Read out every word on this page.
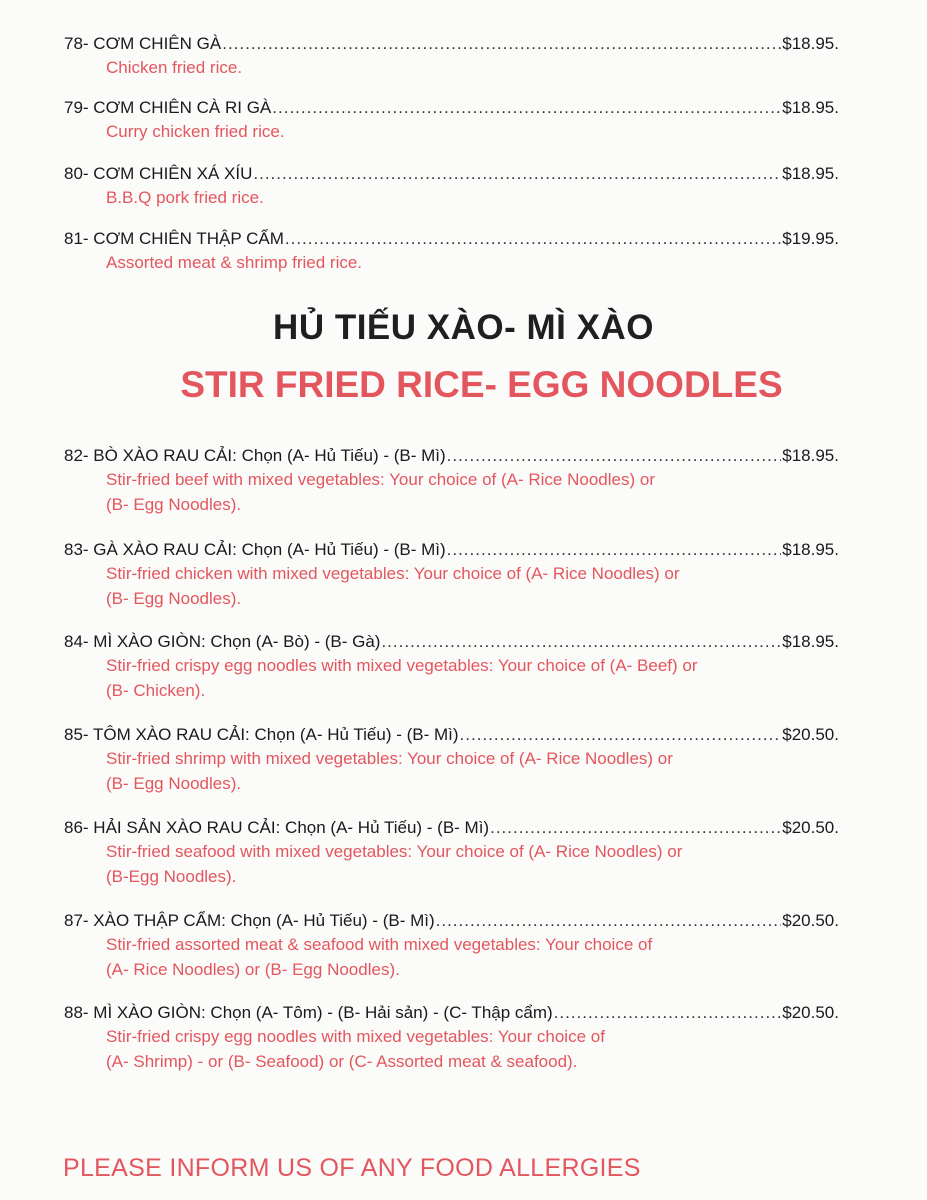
78- CƠM CHIÊN GÀ .....	$18.95.
Chicken fried rice.
79- CƠM CHIÊN CÀ RI GÀ .....	$18.95.
Curry chicken fried rice.
80- CƠM CHIÊN XÁ XÍU .....	$18.95.
B.B.Q pork fried rice.
81- CƠM CHIÊN THẬP CẨM .....	$19.95.
Assorted meat & shrimp fried rice.
HỦ TIẾU XÀO- MÌ XÀO
STIR FRIED RICE- EGG NOODLES
82- BÒ XÀO RAU CẢI: Chọn (A- Hủ Tiếu) - (B- Mì) .....	$18.95.
Stir-fried beef with mixed vegetables: Your choice of (A- Rice Noodles) or
(B- Egg Noodles).
83- GÀ XÀO RAU CẢI: Chọn (A- Hủ Tiếu) - (B- Mì) .....	$18.95.
Stir-fried chicken with mixed vegetables: Your choice of (A- Rice Noodles) or
(B- Egg Noodles).
84- MÌ XÀO GIÒN: Chọn (A- Bò) - (B- Gà) .....	$18.95.
Stir-fried crispy egg noodles with mixed vegetables: Your choice of (A- Beef) or
(B- Chicken).
85- TÔM XÀO RAU CẢI: Chọn (A- Hủ Tiếu) - (B- Mì) .....	$20.50.
Stir-fried shrimp with mixed vegetables: Your choice of (A- Rice Noodles) or
(B- Egg Noodles).
86- HẢI SẢN XÀO RAU CẢI: Chọn (A- Hủ Tiếu) - (B- Mì) .....	$20.50.
Stir-fried seafood with mixed vegetables: Your choice of (A- Rice Noodles) or
(B-Egg Noodles).
87- XÀO THẬP CẨM: Chọn (A- Hủ Tiếu) - (B- Mì) .....	$20.50.
Stir-fried assorted meat & seafood with mixed vegetables: Your choice of
(A- Rice Noodles) or (B- Egg Noodles).
88- MÌ XÀO GIÒN: Chọn (A- Tôm) - (B- Hải sản) - (C- Thập cẩm) .....	$20.50.
Stir-fried crispy egg noodles with mixed vegetables: Your choice of
(A- Shrimp) - or (B- Seafood) or (C- Assorted meat & seafood).
PLEASE INFORM US OF ANY FOOD ALLERGIES
